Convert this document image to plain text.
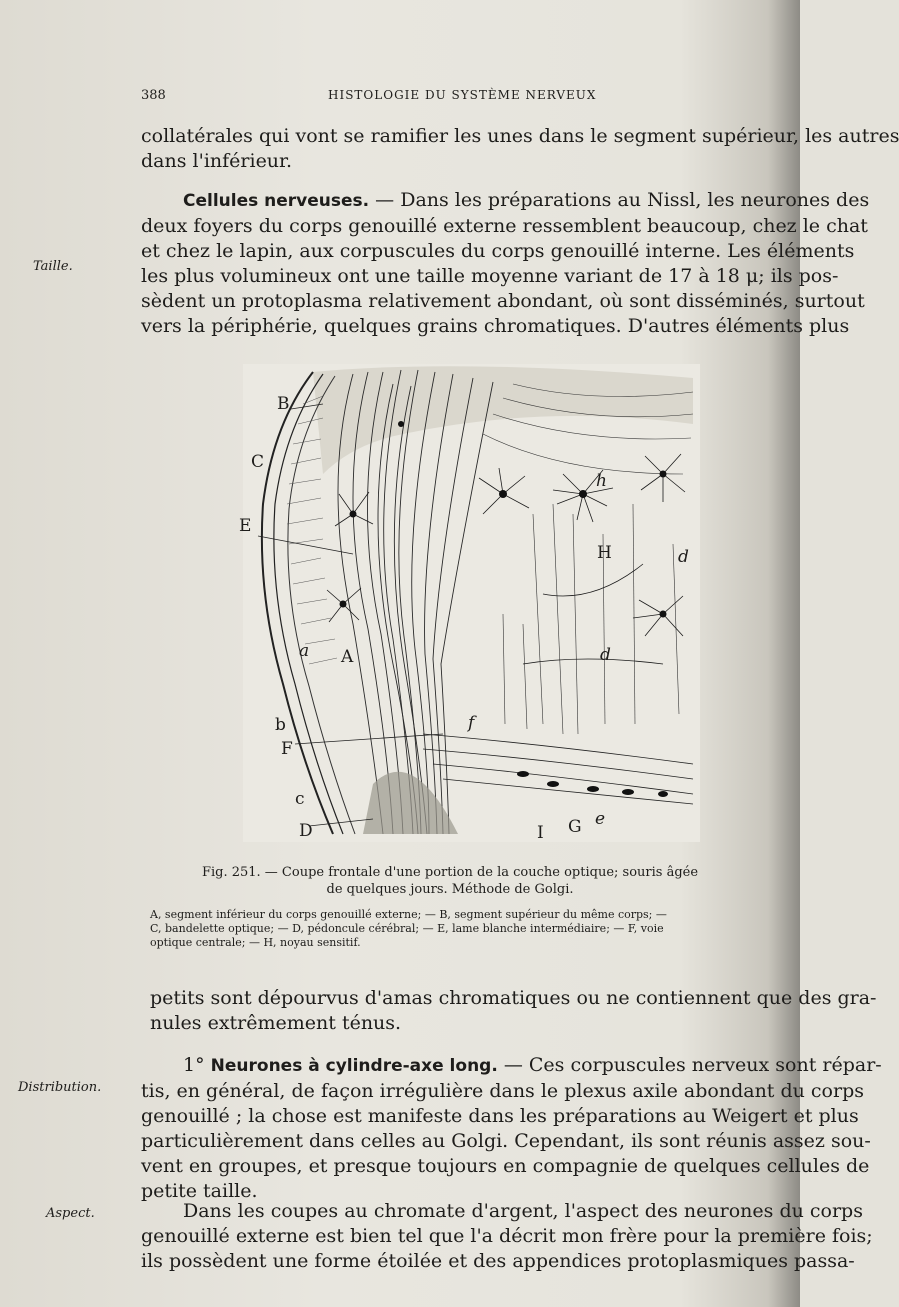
388	HISTOLOGIE DU SYSTÈME NERVEUX
collatérales qui vont se ramifier les unes dans le segment supérieur, les autres
dans l'inférieur.
Cellules nerveuses. — Dans les préparations au Nissl, les neurones des
deux foyers du corps genouillé externe ressemblent beaucoup, chez le chat
et chez le lapin, aux corpuscules du corps genouillé interne. Les éléments
les plus volumineux ont une taille moyenne variant de 17 à 18 μ; ils pos-
sèdent un protoplasma relativement abondant, où sont disséminés, surtout
vers la périphérie, quelques grains chromatiques. D'autres éléments plus
Taille.
B
C
E
A
a
b
F
c
D
h
H	d
d
f
I G e
Fig. 251. — Coupe frontale d'une portion de la couche optique; souris âgée
de quelques jours. Méthode de Golgi.
A, segment inférieur du corps genouillé externe; — B, segment supérieur du même corps; —
C, bandelette optique; — D, pédoncule cérébral; — E, lame blanche intermédiaire; — F, voie
optique centrale; — H, noyau sensitif.
petits sont dépourvus d'amas chromatiques ou ne contiennent que des gra-
nules extrêmement ténus.
1° Neurones à cylindre-axe long. — Ces corpuscules nerveux sont répar-
tis, en général, de façon irrégulière dans le plexus axile abondant du corps
genouillé ; la chose est manifeste dans les préparations au Weigert et plus
particulièrement dans celles au Golgi. Cependant, ils sont réunis assez sou-
vent en groupes, et presque toujours en compagnie de quelques cellules de
petite taille.
Distribution.
Dans les coupes au chromate d'argent, l'aspect des neurones du corps
genouillé externe est bien tel que l'a décrit mon frère pour la première fois;
ils possèdent une forme étoilée et des appendices protoplasmiques passa-
Aspect.
